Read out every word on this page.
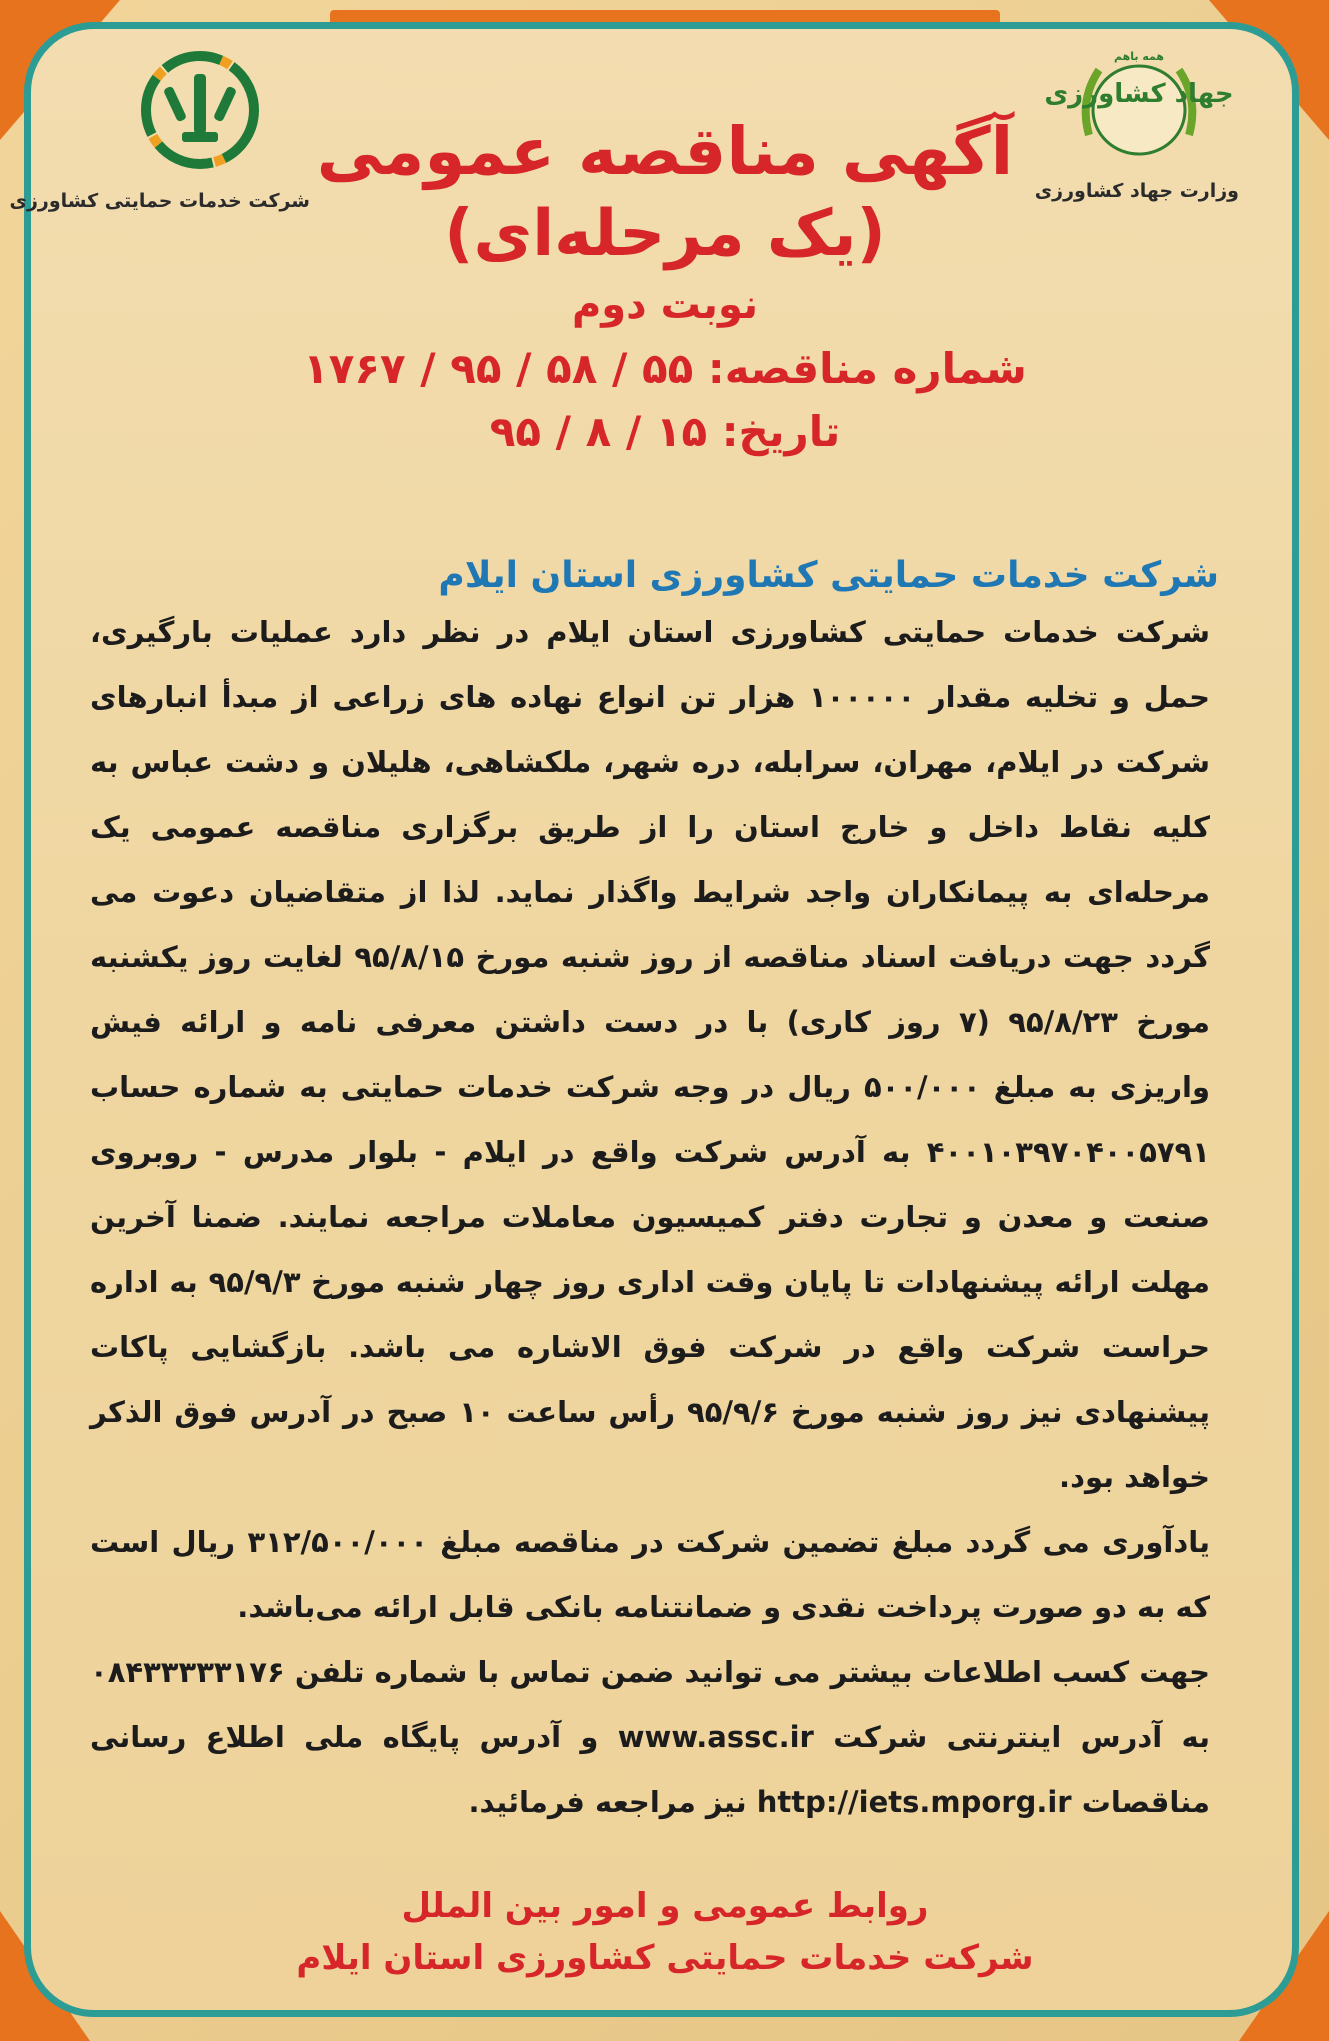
شرکت خدمات حمایتی کشاورزی
جهاد کشاورزی
همه باهم
وزارت جهاد کشاورزی
آگهی مناقصه عمومی
(یک مرحله‌ای)
نوبت دوم
شماره مناقصه: ۵۵ / ۵۸ / ۹۵ / ۱۷۶۷
تاریخ: ۱۵ / ۸ / ۹۵
شرکت خدمات حمایتی کشاورزی استان ایلام

شرکت خدمات حمایتی کشاورزی استان ایلام در نظر دارد عملیات بارگیری، حمل و تخلیه مقدار ۱۰۰۰۰۰ هزار تن انواع نهاده های زراعی از مبدأ انبارهای شرکت در ایلام، مهران، سرابله، دره شهر، ملکشاهی، هلیلان و دشت عباس به کلیه نقاط داخل و خارج استان را از طریق برگزاری مناقصه عمومی یک مرحله‌ای به پیمانکاران واجد شرایط واگذار نماید. لذا از متقاضیان دعوت می گردد جهت دریافت اسناد مناقصه از روز شنبه مورخ ۹۵/۸/۱۵ لغایت روز یکشنبه مورخ ۹۵/۸/۲۳ (۷ روز کاری) با در دست داشتن معرفی نامه و ارائه فیش واریزی به مبلغ ۵۰۰/۰۰۰ ریال در وجه شرکت خدمات حمایتی به شماره حساب ۴۰۰۱۰۳۹۷۰۴۰۰۵۷۹۱ به آدرس شرکت واقع در ایلام - بلوار مدرس - روبروی صنعت و معدن و تجارت دفتر کمیسیون معاملات مراجعه نمایند. ضمنا آخرین مهلت ارائه پیشنهادات تا پایان وقت اداری روز چهار شنبه مورخ ۹۵/۹/۳ به اداره حراست شرکت واقع در شرکت فوق الاشاره می باشد. بازگشایی پاکات پیشنهادی نیز روز شنبه مورخ ۹۵/۹/۶ رأس ساعت ۱۰ صبح در آدرس فوق الذکر خواهد بود.

یادآوری می گردد مبلغ تضمین شرکت در مناقصه مبلغ ۳۱۲/۵۰۰/۰۰۰ ریال است که به دو صورت پرداخت نقدی و ضمانتنامه بانکی قابل ارائه می‌باشد.

جهت کسب اطلاعات بیشتر می توانید ضمن تماس با شماره تلفن ۰۸۴۳۳۳۳۳۱۷۶ به آدرس اینترنتی شرکت www.assc.ir و آدرس پایگاه ملی اطلاع رسانی مناقصات http://iets.mporg.ir نیز مراجعه فرمائید.

روابط عمومی و امور بین الملل
شرکت خدمات حمایتی کشاورزی استان ایلام
